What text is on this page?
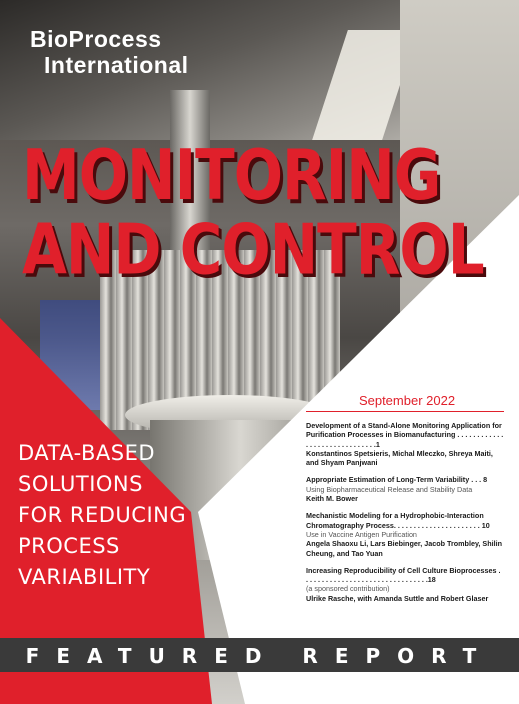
BioProcess
International
MONITORING
AND CONTROL
DATA-BASED
SOLUTIONS
FOR REDUCING
PROCESS
VARIABILITY
September 2022
Development of a Stand-Alone Monitoring Application for Purification Processes in Biomanufacturing . . . . . . . . . . . . . . . . . . . . . . . . . . . . . .1
Konstantinos Spetsieris, Michal Mleczko, Shreya Maiti, and Shyam Panjwani
Appropriate Estimation of Long-Term Variability . . . 8
Using Biopharmaceutical Release and Stability Data
Keith M. Bower
Mechanistic Modeling for a Hydrophobic-Interaction Chromatography Process. . . . . . . . . . . . . . . . . . . . . . 10
Use in Vaccine Antigen Purification
Angela Shaoxu Li, Lars Biebinger, Jacob Trombley, Shilin Cheung, and Tao Yuan
Increasing Reproducibility of Cell Culture Bioprocesses . . . . . . . . . . . . . . . . . . . . . . . . . . . . . . . .18
(a sponsored contribution)
Ulrike Rasche, with Amanda Suttle and Robert Glaser
FEATURED REPORT
